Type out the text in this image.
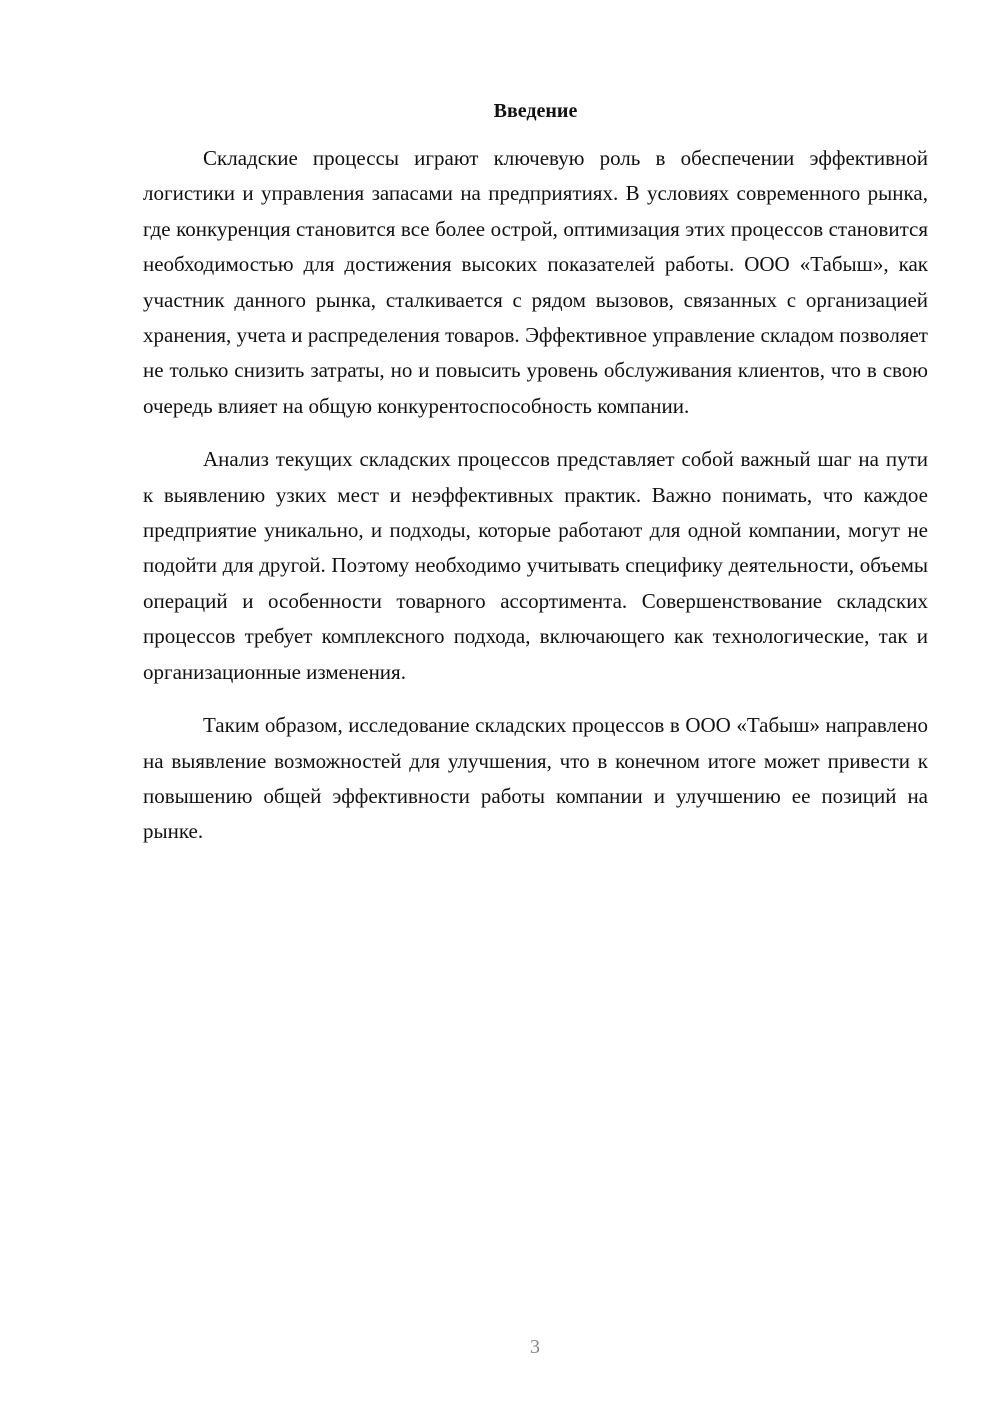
Введение

Складские процессы играют ключевую роль в обеспечении эффективной логистики и управления запасами на предприятиях. В условиях современного рынка, где конкуренция становится все более острой, оптимизация этих процессов становится необходимостью для достижения высоких показателей работы. ООО «Табыш», как участник данного рынка, сталкивается с рядом вызовов, связанных с организацией хранения, учета и распределения товаров. Эффективное управление складом позволяет не только снизить затраты, но и повысить уровень обслуживания клиентов, что в свою очередь влияет на общую конкурентоспособность компании.

Анализ текущих складских процессов представляет собой важный шаг на пути к выявлению узких мест и неэффективных практик. Важно понимать, что каждое предприятие уникально, и подходы, которые работают для одной компании, могут не подойти для другой. Поэтому необходимо учитывать специфику деятельности, объемы операций и особенности товарного ассортимента. Совершенствование складских процессов требует комплексного подхода, включающего как технологические, так и организационные изменения.

Таким образом, исследование складских процессов в ООО «Табыш» направлено на выявление возможностей для улучшения, что в конечном итоге может привести к повышению общей эффективности работы компании и улучшению ее позиций на рынке.

3
